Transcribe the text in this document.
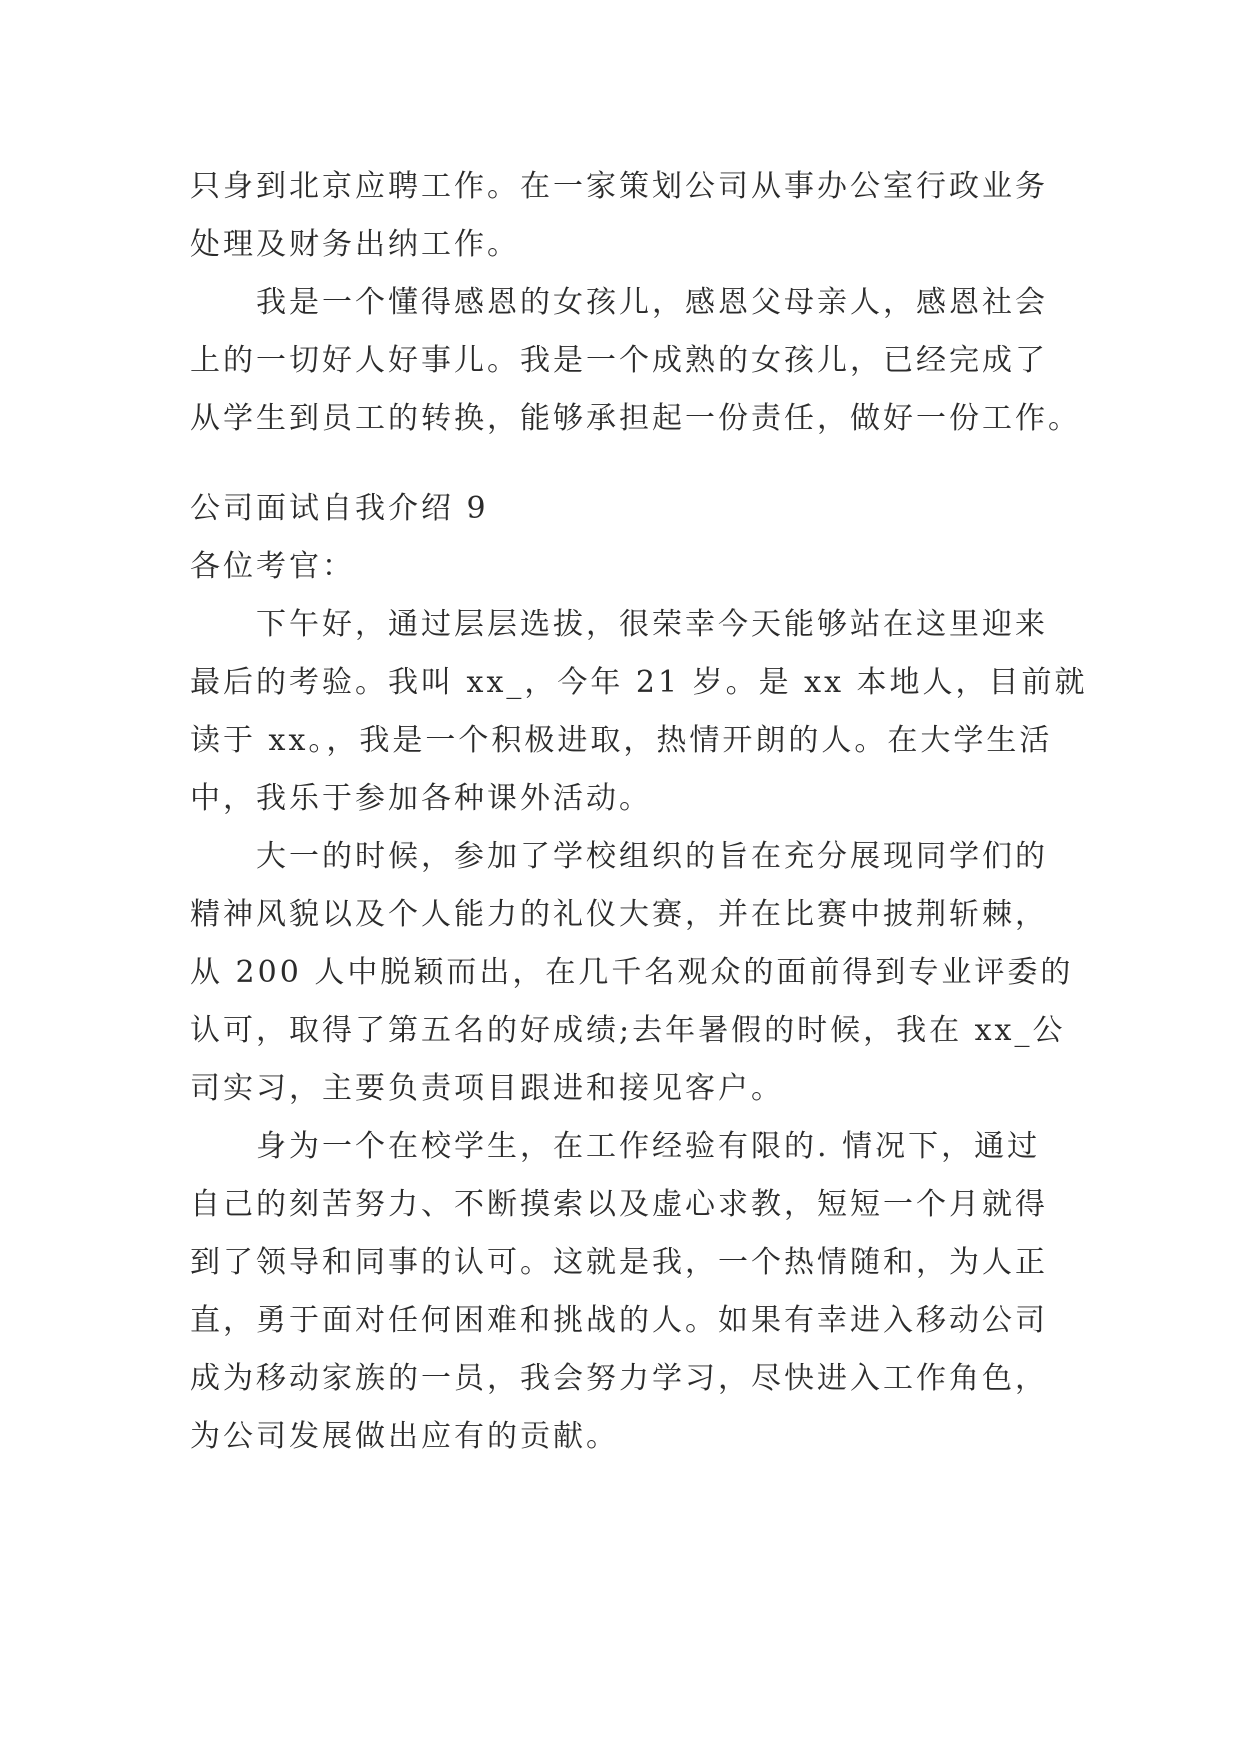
只身到北京应聘工作。在一家策划公司从事办公室行政业务
处理及财务出纳工作。
我是一个懂得感恩的女孩儿，感恩父母亲人，感恩社会
上的一切好人好事儿。我是一个成熟的女孩儿，已经完成了
从学生到员工的转换，能够承担起一份责任，做好一份工作。
公司面试自我介绍 9
各位考官：
下午好，通过层层选拔，很荣幸今天能够站在这里迎来
最后的考验。我叫 xx_，今年 21 岁。是 xx 本地人，目前就
读于 xx。，我是一个积极进取，热情开朗的人。在大学生活
中，我乐于参加各种课外活动。
大一的时候，参加了学校组织的旨在充分展现同学们的
精神风貌以及个人能力的礼仪大赛，并在比赛中披荆斩棘，
从 200 人中脱颖而出，在几千名观众的面前得到专业评委的
认可，取得了第五名的好成绩;去年暑假的时候，我在 xx_公
司实习，主要负责项目跟进和接见客户。
身为一个在校学生，在工作经验有限的. 情况下，通过
自己的刻苦努力、不断摸索以及虚心求教，短短一个月就得
到了领导和同事的认可。这就是我，一个热情随和，为人正
直，勇于面对任何困难和挑战的人。如果有幸进入移动公司
成为移动家族的一员，我会努力学习，尽快进入工作角色，
为公司发展做出应有的贡献。
